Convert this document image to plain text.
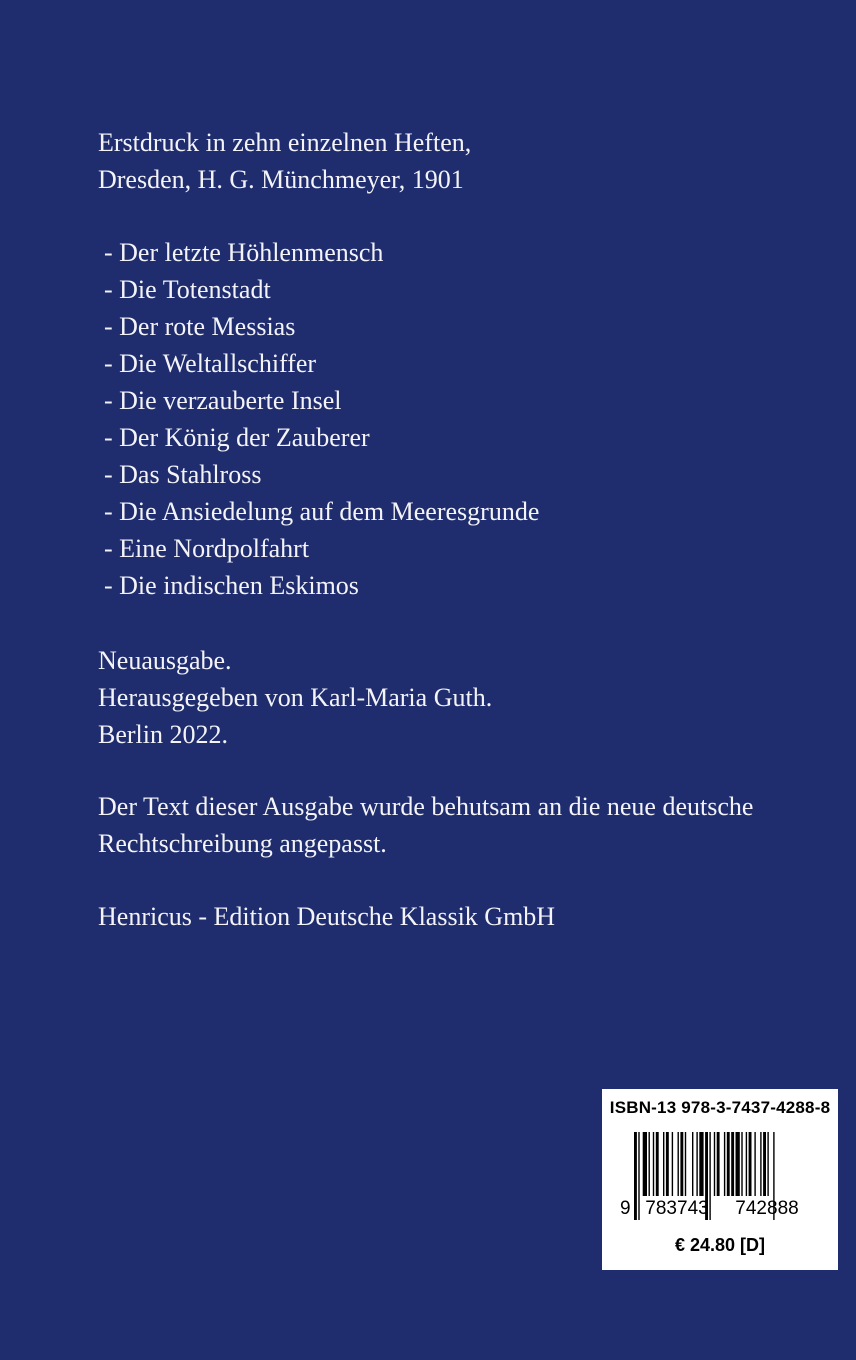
Erstdruck in zehn einzelnen Heften,
Dresden, H. G. Münchmeyer, 1901
- Der letzte Höhlenmensch
- Die Totenstadt
- Der rote Messias
- Die Weltallschiffer
- Die verzauberte Insel
- Der König der Zauberer
- Das Stahlross
- Die Ansiedelung auf dem Meeresgrunde
- Eine Nordpolfahrt
- Die indischen Eskimos
Neuausgabe.
Herausgegeben von Karl-Maria Guth.
Berlin 2022.
Der Text dieser Ausgabe wurde behutsam an die neue deutsche
Rechtschreibung angepasst.
Henricus - Edition Deutsche Klassik GmbH
ISBN-13 978-3-7437-4288-8
9 783743 742888
€ 24.80 [D]
